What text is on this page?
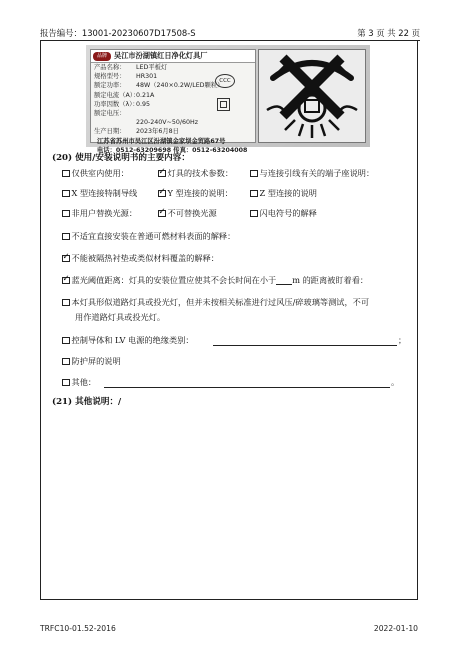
报告编号：13001-20230607D17508-S	第 3 页 共 22 页
品牌 吴江市汾湖镇红日净化灯具厂
产品名称： LED平板灯
规格型号： HR301
额定功率： 48W（240×0.2W/LED颗粒）
额定电流（A）：0.21A
功率因数（λ）：0.95
额定电压：
220-240V~50/60Hz
生产日期： 2023年6月8日
江苏省苏州市吴江区汾湖镇金家坝金贸路67号
电话：0512-63209698 传真：0512-63204008
CCC
(20) 使用/安装说明书的主要内容：
仅供室内使用： ✓	灯具的技术参数：	与连接引线有关的端子座说明：
X 型连接特制导线 ✓	Y 型连接的说明：	Z 型连接的说明
非用户替换光源： ✓	不可替换光源	闪电符号的解释
不适宜直接安装在普通可燃材料表面的解释：
✓不能被隔热衬垫或类似材料覆盖的解释：
✓蓝光阈值距离：灯具的安装位置应使其不会长时间在小于 m 的距离被盯着看：
本灯具形似道路灯具或投光灯，但并未按相关标准进行过风压/碎玻璃等测试，不可
用作道路灯具或投光灯。
控制导体和 LV 电源的绝缘类别：	；
防护屏的说明
其他：	。
(21) 其他说明：/
TRFC10-01.52-2016	2022-01-10
